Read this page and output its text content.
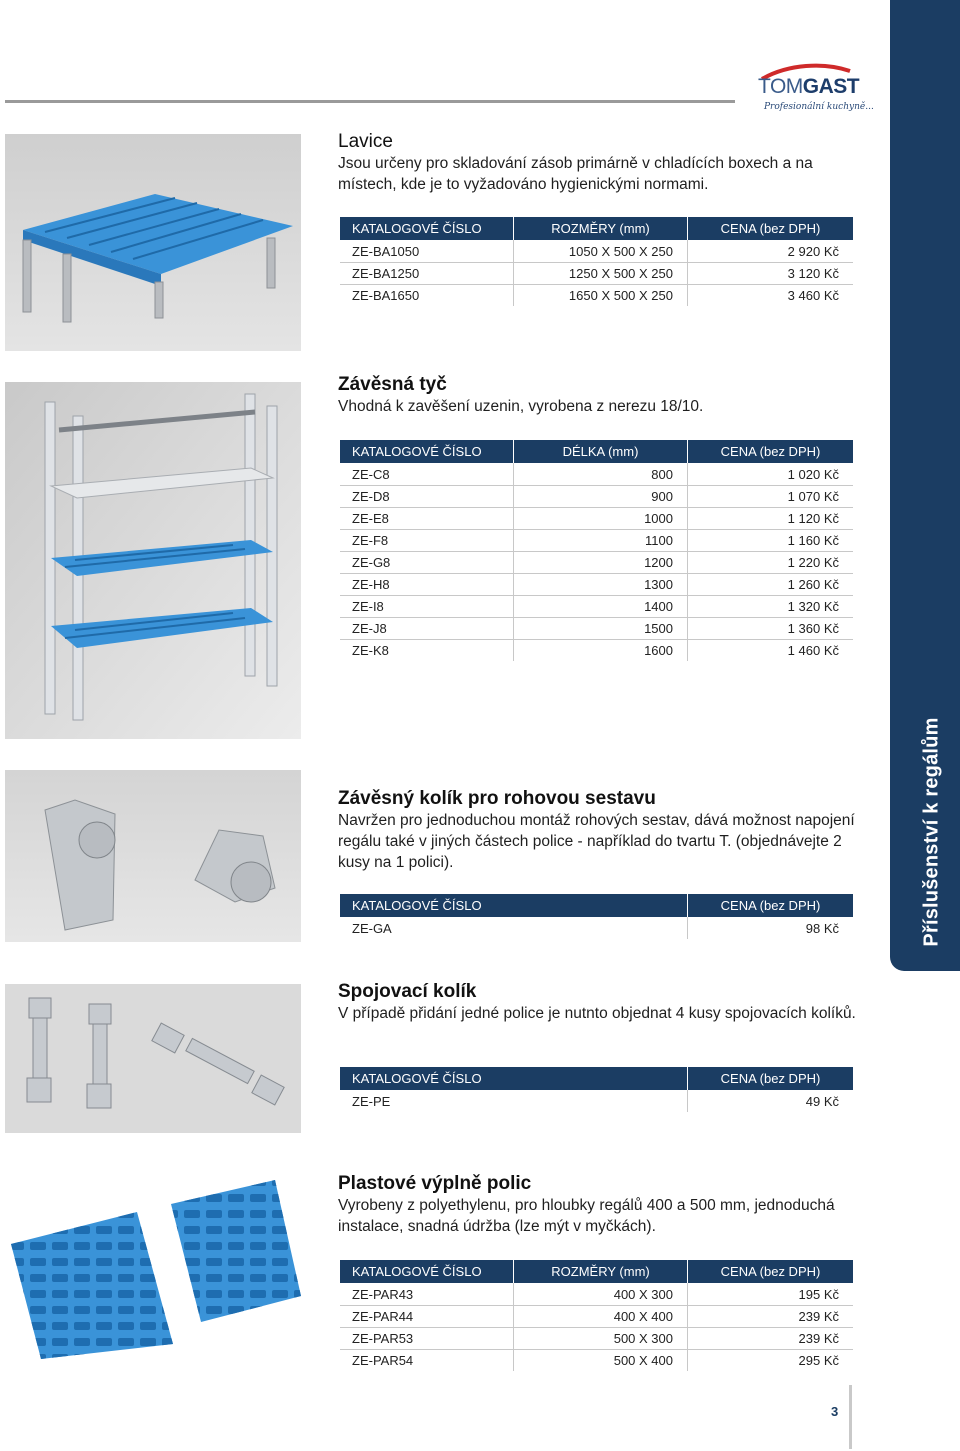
TOMGAST
Profesionální kuchyně...
Příslušenství k regálům
Lavice

Jsou určeny pro skladování zásob primárně v chladících boxech a na místech, kde je to vyžadováno hygienickými normami.

KATALOGOVÉ ČÍSLO	ROZMĚRY (mm)	CENA (bez DPH)
ZE-BA1050	1050 X 500 X 250	2 920 Kč
ZE-BA1250	1250 X 500 X 250	3 120 Kč
ZE-BA1650	1650 X 500 X 250	3 460 Kč
Závěsná tyč

Vhodná k zavěšení uzenin, vyrobena z nerezu 18/10.

KATALOGOVÉ ČÍSLO	DÉLKA (mm)	CENA (bez DPH)
ZE-C8	800	1 020 Kč
ZE-D8	900	1 070 Kč
ZE-E8	1000	1 120 Kč
ZE-F8	1100	1 160 Kč
ZE-G8	1200	1 220 Kč
ZE-H8	1300	1 260 Kč
ZE-I8	1400	1 320 Kč
ZE-J8	1500	1 360 Kč
ZE-K8	1600	1 460 Kč
Závěsný kolík pro rohovou sestavu

Navržen pro jednoduchou montáž rohových sestav, dává možnost napojení regálu také v jiných částech police - například do tvartu T. (objednávejte 2 kusy na 1 polici).

KATALOGOVÉ ČÍSLO	CENA (bez DPH)
ZE-GA	98 Kč
Spojovací kolík

V případě přidání jedné police je nutnto objednat 4 kusy spojovacích kolíků.

KATALOGOVÉ ČÍSLO	CENA (bez DPH)
ZE-PE	49 Kč
Plastové výplně polic

Vyrobeny z polyethylenu, pro hloubky regálů 400 a 500 mm, jednoduchá instalace, snadná údržba (lze mýt v myčkách).

KATALOGOVÉ ČÍSLO	ROZMĚRY (mm)	CENA (bez DPH)
ZE-PAR43	400 X 300	195 Kč
ZE-PAR44	400 X 400	239 Kč
ZE-PAR53	500 X 300	239 Kč
ZE-PAR54	500 X 400	295 Kč
3
